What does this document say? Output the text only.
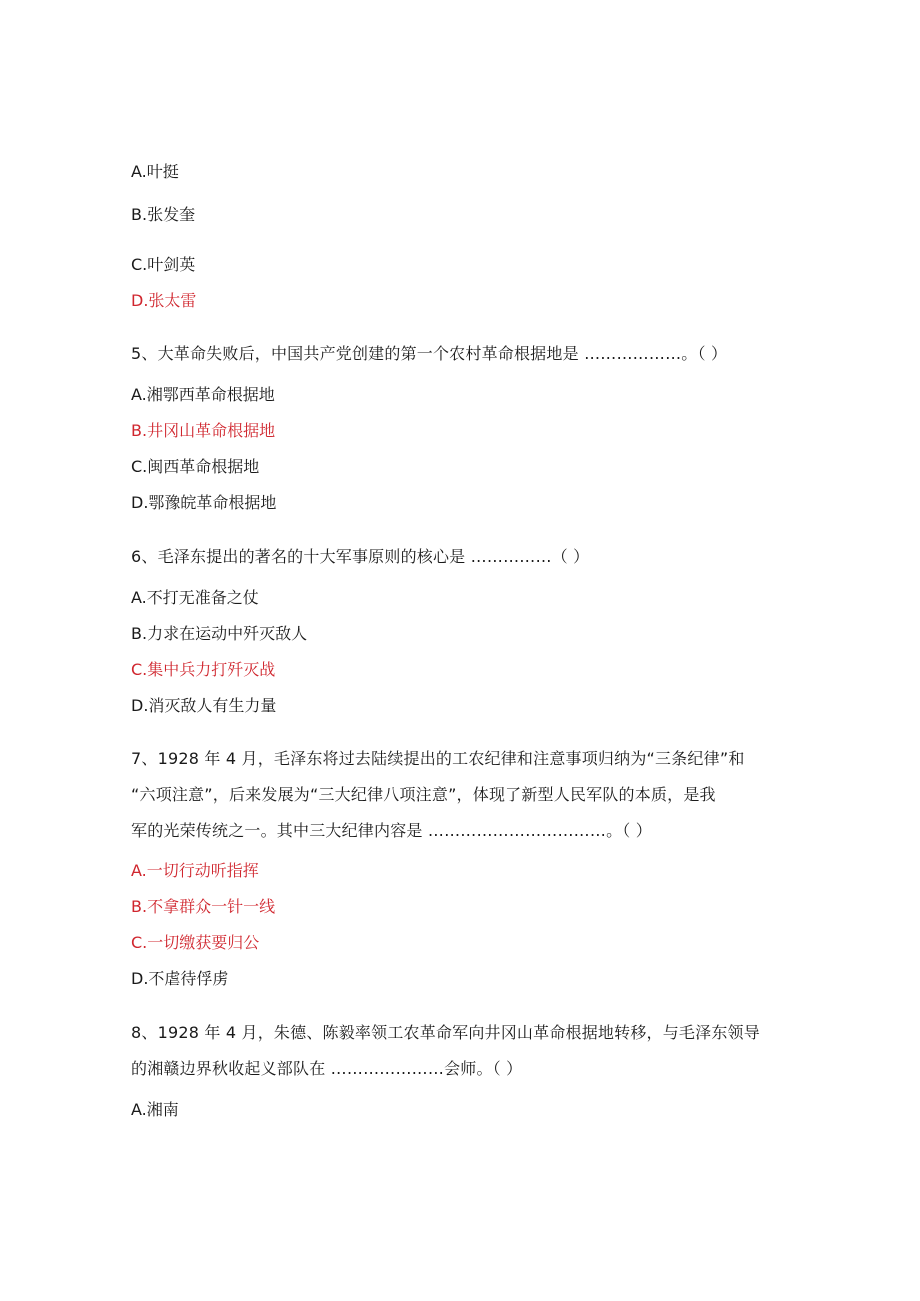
A.叶挺
B.张发奎
C.叶剑英
D.张太雷
5、大革命失败后，中国共产党创建的第一个农村革命根据地是 ………………。（ ）
A.湘鄂西革命根据地
B.井冈山革命根据地
C.闽西革命根据地
D.鄂豫皖革命根据地
6、毛泽东提出的著名的十大军事原则的核心是 ……………（ ）
A.不打无准备之仗
B.力求在运动中歼灭敌人
C.集中兵力打歼灭战
D.消灭敌人有生力量
7、1928 年 4 月，毛泽东将过去陆续提出的工农纪律和注意事项归纳为“三条纪律”和
“六项注意”，后来发展为“三大纪律八项注意”，体现了新型人民军队的本质，是我
军的光荣传统之一。其中三大纪律内容是 ……………………………。（ ）
A.一切行动听指挥
B.不拿群众一针一线
C.一切缴获要归公
D.不虐待俘虏
8、1928 年 4 月，朱德、陈毅率领工农革命军向井冈山革命根据地转移，与毛泽东领导
的湘赣边界秋收起义部队在 …………………会师。（ ）
A.湘南
